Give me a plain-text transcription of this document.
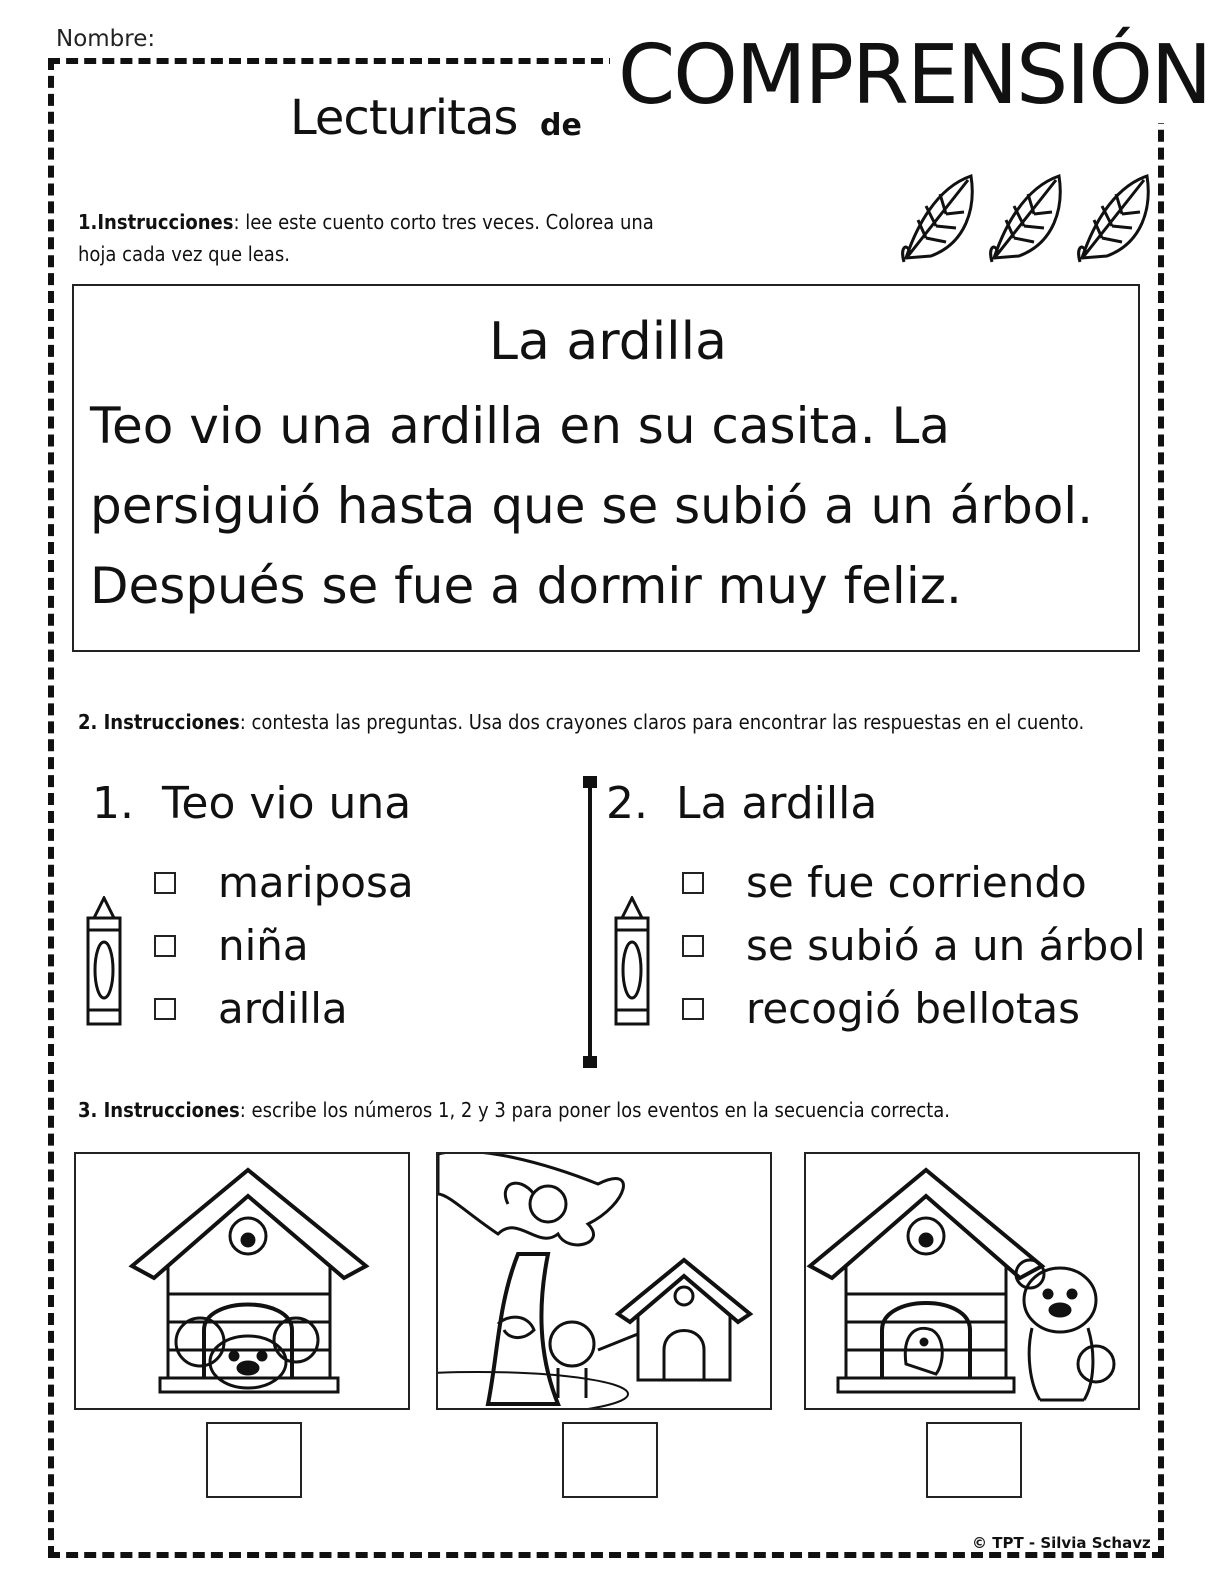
Nombre:
Lecturitas de
COMPRENSIÓN
1.Instrucciones: lee este cuento corto tres veces. Colorea una hoja cada vez que leas.
La ardilla
Teo vio una ardilla en su casita. La persiguió hasta que se subió a un árbol. Después se fue a dormir muy feliz.
2. Instrucciones: contesta las preguntas. Usa dos crayones claros para encontrar las respuestas en el cuento.
1. Teo vio una
mariposa
niña
ardilla
2. La ardilla
se fue corriendo
se subió a un árbol
recogió bellotas
3. Instrucciones: escribe los números 1, 2 y 3 para poner los eventos en la secuencia correcta.
© TPT - Silvia Schavz
